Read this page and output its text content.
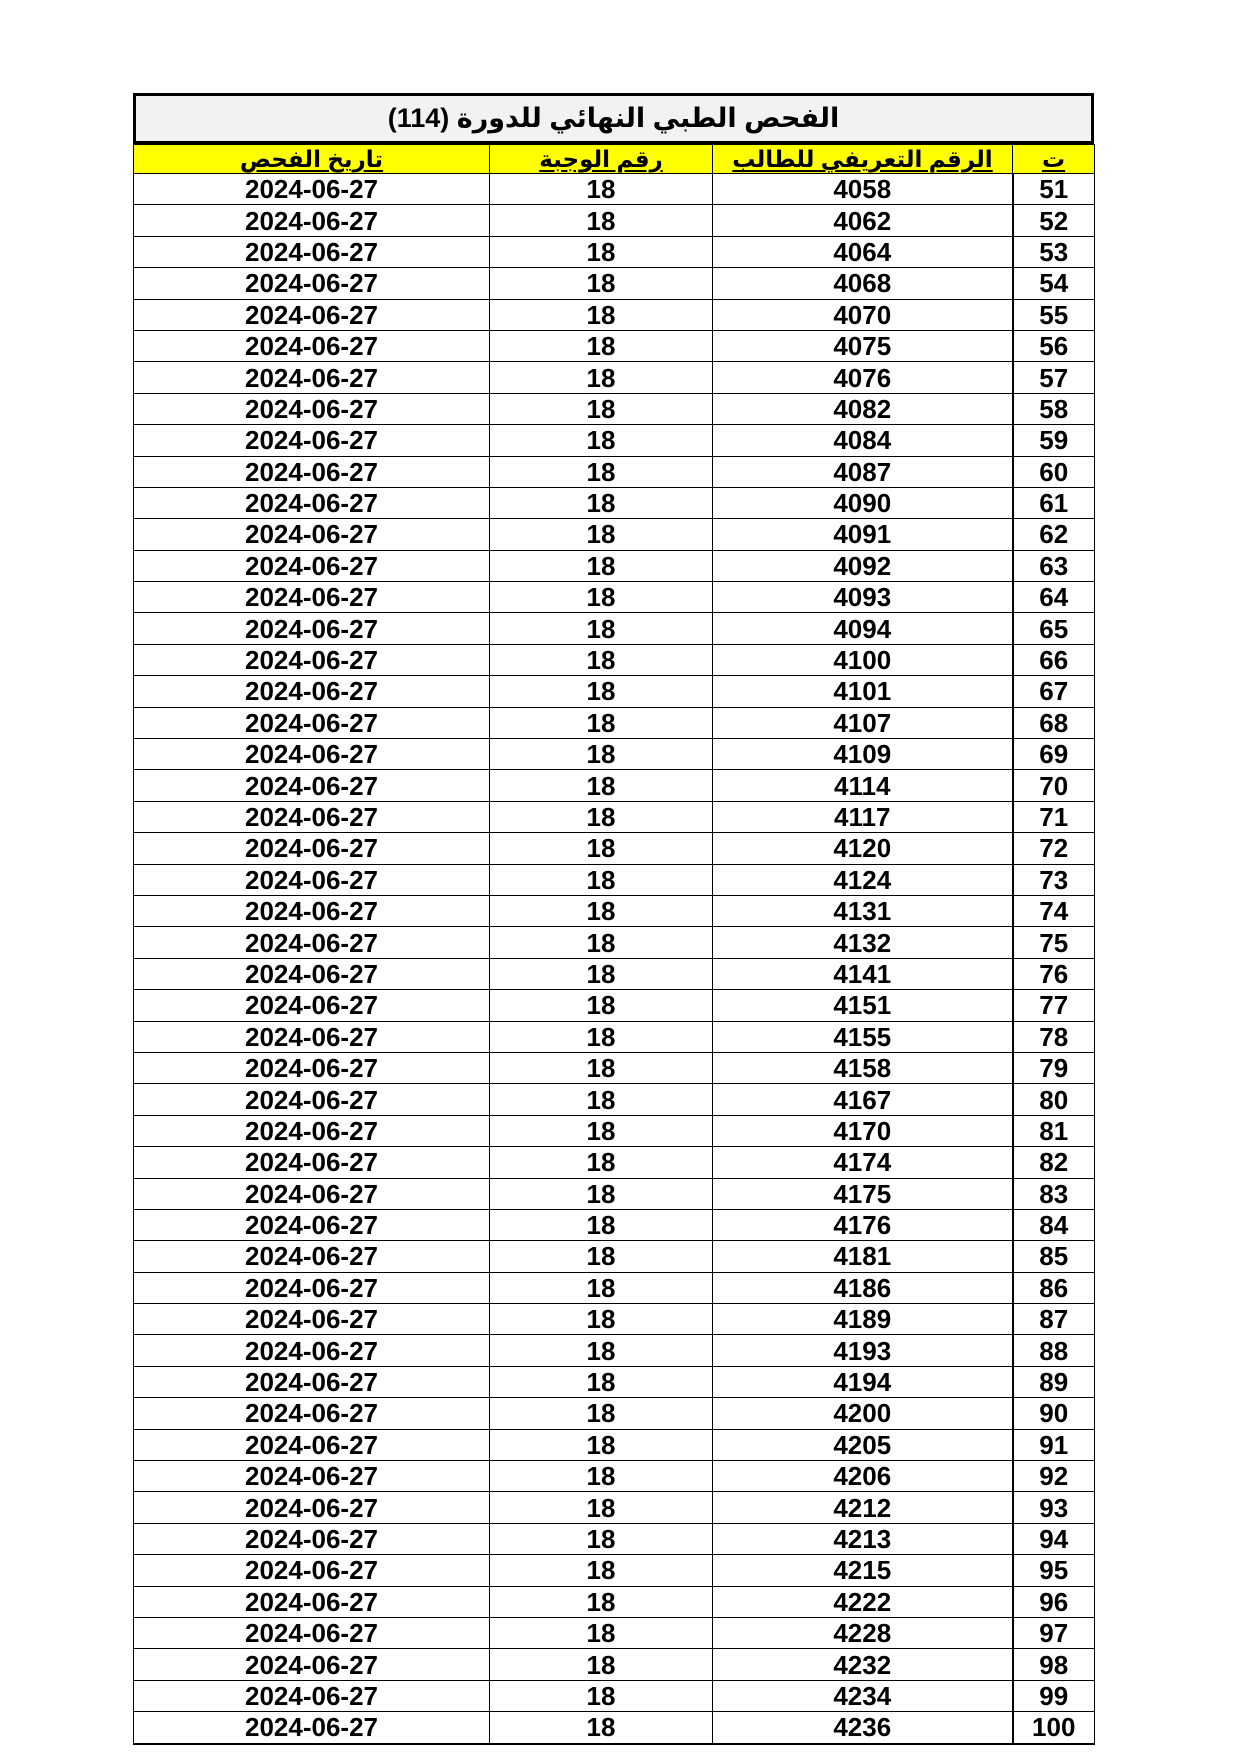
الفحص الطبي النهائي للدورة (114)
ت	الرقم التعريفي للطالب	رقم الوجبة	تاريخ الفحص
51	4058	18	2024-06-27
52	4062	18	2024-06-27
53	4064	18	2024-06-27
54	4068	18	2024-06-27
55	4070	18	2024-06-27
56	4075	18	2024-06-27
57	4076	18	2024-06-27
58	4082	18	2024-06-27
59	4084	18	2024-06-27
60	4087	18	2024-06-27
61	4090	18	2024-06-27
62	4091	18	2024-06-27
63	4092	18	2024-06-27
64	4093	18	2024-06-27
65	4094	18	2024-06-27
66	4100	18	2024-06-27
67	4101	18	2024-06-27
68	4107	18	2024-06-27
69	4109	18	2024-06-27
70	4114	18	2024-06-27
71	4117	18	2024-06-27
72	4120	18	2024-06-27
73	4124	18	2024-06-27
74	4131	18	2024-06-27
75	4132	18	2024-06-27
76	4141	18	2024-06-27
77	4151	18	2024-06-27
78	4155	18	2024-06-27
79	4158	18	2024-06-27
80	4167	18	2024-06-27
81	4170	18	2024-06-27
82	4174	18	2024-06-27
83	4175	18	2024-06-27
84	4176	18	2024-06-27
85	4181	18	2024-06-27
86	4186	18	2024-06-27
87	4189	18	2024-06-27
88	4193	18	2024-06-27
89	4194	18	2024-06-27
90	4200	18	2024-06-27
91	4205	18	2024-06-27
92	4206	18	2024-06-27
93	4212	18	2024-06-27
94	4213	18	2024-06-27
95	4215	18	2024-06-27
96	4222	18	2024-06-27
97	4228	18	2024-06-27
98	4232	18	2024-06-27
99	4234	18	2024-06-27
100	4236	18	2024-06-27
